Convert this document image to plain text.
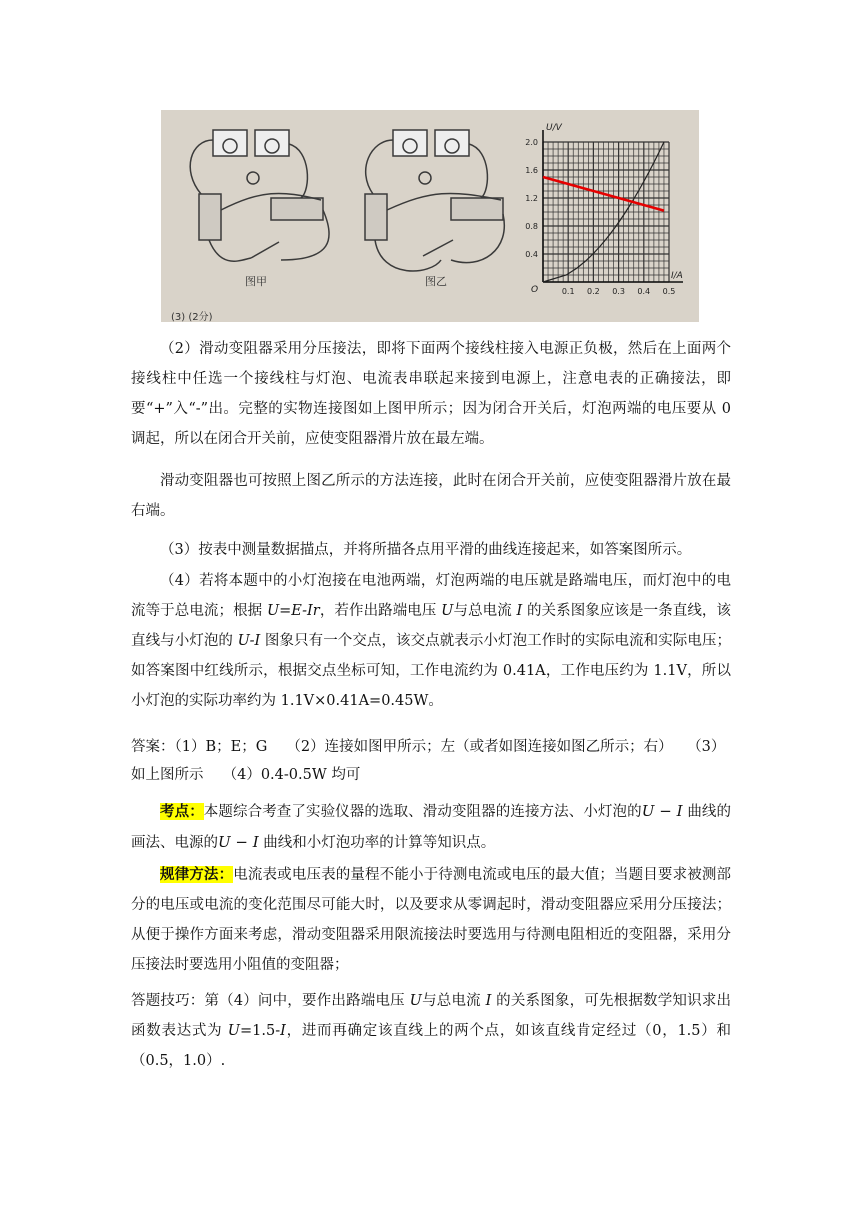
图甲	图乙
(3) (2分)
0.4
0.8
1.2
1.6
2.0
0.1 0.2 0.3 0.4 0.5
U/V
I/A
O

（2）滑动变阻器采用分压接法，即将下面两个接线柱接入电源正负极，然后在上面两个接线柱中任选一个接线柱与灯泡、电流表串联起来接到电源上，注意电表的正确接法，即要“+”入“-”出。完整的实物连接图如上图甲所示；因为闭合开关后，灯泡两端的电压要从 0 调起，所以在闭合开关前，应使变阻器滑片放在最左端。

滑动变阻器也可按照上图乙所示的方法连接，此时在闭合开关前，应使变阻器滑片放在最右端。

（3）按表中测量数据描点，并将所描各点用平滑的曲线连接起来，如答案图所示。

（4）若将本题中的小灯泡接在电池两端，灯泡两端的电压就是路端电压，而灯泡中的电流等于总电流；根据 U=E-Ir，若作出路端电压 U与总电流 I 的关系图象应该是一条直线，该直线与小灯泡的 U-I 图象只有一个交点，该交点就表示小灯泡工作时的实际电流和实际电压；如答案图中红线所示，根据交点坐标可知，工作电流约为 0.41A，工作电压约为 1.1V，所以小灯泡的实际功率约为 1.1V×0.41A=0.45W。

答案：（1）B；E；G　 （2）连接如图甲所示；左（或者如图连接如图乙所示；右）　　（3）

如上图所示　 （4）0.4-0.5W 均可

考点：本题综合考查了实验仪器的选取、滑动变阻器的连接方法、小灯泡的U − I 曲线的画法、电源的U − I 曲线和小灯泡功率的计算等知识点。

规律方法：电流表或电压表的量程不能小于待测电流或电压的最大值；当题目要求被测部分的电压或电流的变化范围尽可能大时，以及要求从零调起时，滑动变阻器应采用分压接法；从便于操作方面来考虑，滑动变阻器采用限流接法时要选用与待测电阻相近的变阻器，采用分压接法时要选用小阻值的变阻器；

答题技巧：第（4）问中，要作出路端电压 U与总电流 I 的关系图象，可先根据数学知识求出函数表达式为 U=1.5-I，进而再确定该直线上的两个点，如该直线肯定经过（0，1.5）和（0.5，1.0）.
